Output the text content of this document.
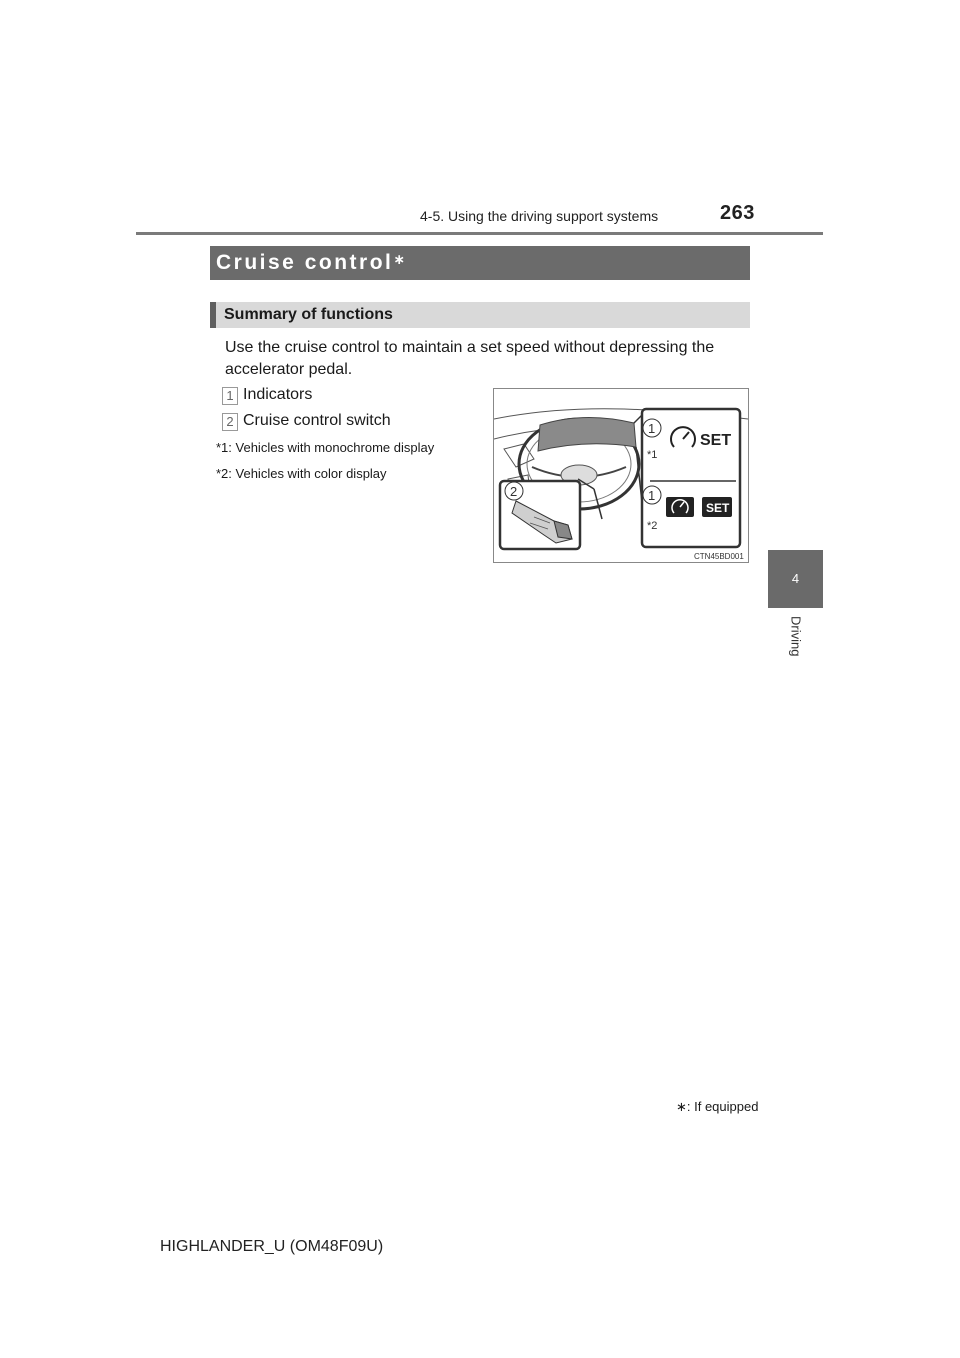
4-5. Using the driving support systems	263
4
Driving
Cruise control∗
Summary of functions
Use the cruise control to maintain a set speed without depressing the accelerator pedal.
1 Indicators
2 Cruise control switch
*1: Vehicles with monochrome display
*2: Vehicles with color display
SET
SET
1
*1
1
*2
2
CTN45BD001
∗: If equipped
HIGHLANDER_U (OM48F09U)
